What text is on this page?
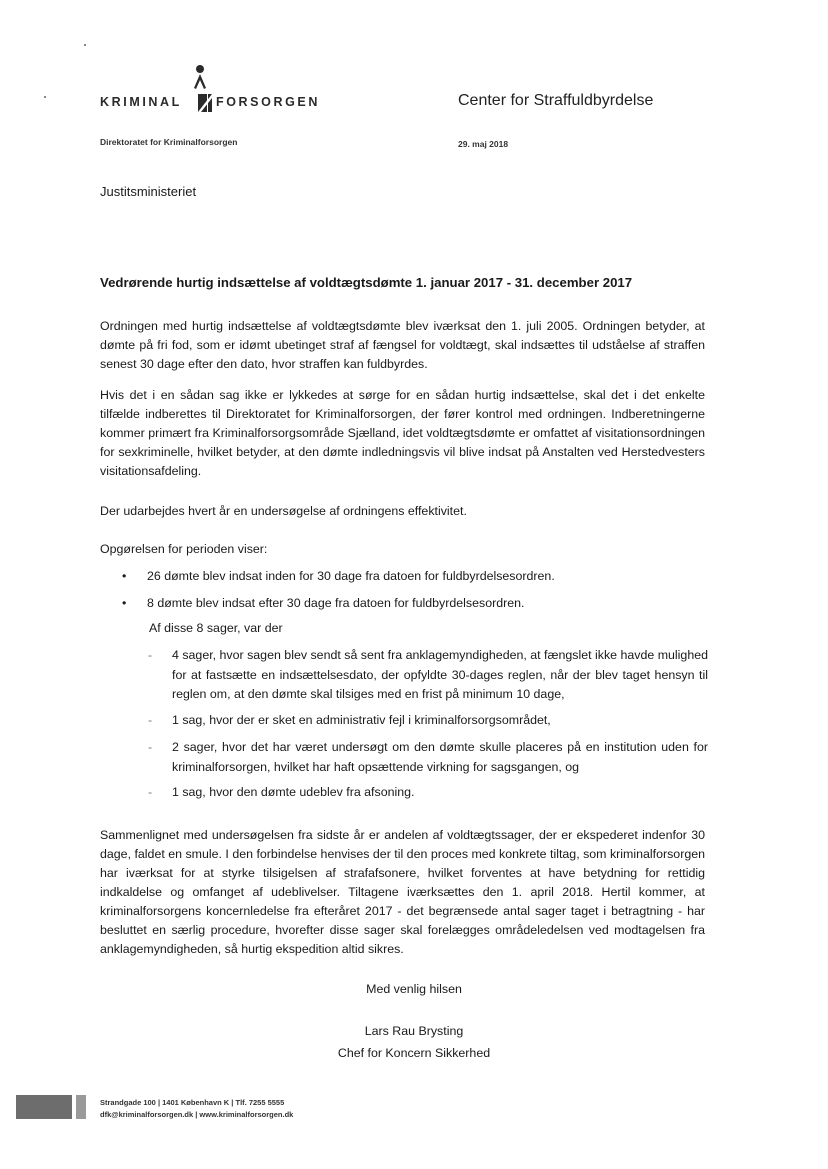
KRIMINAL	FORSORGEN	Center for Straffuldbyrdelse
Direktoratet for Kriminalforsorgen	29. maj 2018
Justitsministeriet
Vedrørende hurtig indsættelse af voldtægtsdømte 1. januar 2017 - 31. december 2017

Ordningen med hurtig indsættelse af voldtægtsdømte blev iværksat den 1. juli 2005. Ordningen betyder, at dømte på fri fod, som er idømt ubetinget straf af fængsel for voldtægt, skal indsættes til udståelse af straffen senest 30 dage efter den dato, hvor straffen kan fuldbyrdes.

Hvis det i en sådan sag ikke er lykkedes at sørge for en sådan hurtig indsættelse, skal det i det enkelte tilfælde indberettes til Direktoratet for Kriminalforsorgen, der fører kontrol med ordningen. Indberetningerne kommer primært fra Kriminalforsorgsområde Sjælland, idet voldtægtsdømte er omfattet af visitationsordningen for sexkriminelle, hvilket betyder, at den dømte indledningsvis vil blive indsat på Anstalten ved Herstedvesters visitationsafdeling.

Der udarbejdes hvert år en undersøgelse af ordningens effektivitet.

Opgørelsen for perioden viser:

• 26 dømte blev indsat inden for 30 dage fra datoen for fuldbyrdelsesordren.
• 8 dømte blev indsat efter 30 dage fra datoen for fuldbyrdelsesordren.
Af disse 8 sager, var der
- 4 sager, hvor sagen blev sendt så sent fra anklagemyndigheden, at fængslet ikke havde mulighed for at fastsætte en indsættelsesdato, der opfyldte 30-dages reglen, når der blev taget hensyn til reglen om, at den dømte skal tilsiges med en frist på minimum 10 dage,
- 1 sag, hvor der er sket en administrativ fejl i kriminalforsorgsområdet,
- 2 sager, hvor det har været undersøgt om den dømte skulle placeres på en institution uden for kriminalforsorgen, hvilket har haft opsættende virkning for sagsgangen, og
- 1 sag, hvor den dømte udeblev fra afsoning.

Sammenlignet med undersøgelsen fra sidste år er andelen af voldtægtssager, der er ekspederet indenfor 30 dage, faldet en smule. I den forbindelse henvises der til den proces med konkrete tiltag, som kriminalforsorgen har iværksat for at styrke tilsigelsen af strafafsonere, hvilket forventes at have betydning for rettidig indkaldelse og omfanget af udeblivelser. Tiltagene iværksættes den 1. april 2018. Hertil kommer, at kriminalforsorgens koncernledelse fra efteråret 2017 - det begrænsede antal sager taget i betragtning - har besluttet en særlig procedure, hvorefter disse sager skal forelægges områdeledelsen ved modtagelsen fra anklagemyndigheden, så hurtig ekspedition altid sikres.

Med venlig hilsen
Lars Rau Brysting
Chef for Koncern Sikkerhed
Strandgade 100 | 1401 København K | Tlf. 7255 5555
dfk@kriminalforsorgen.dk | www.kriminalforsorgen.dk
